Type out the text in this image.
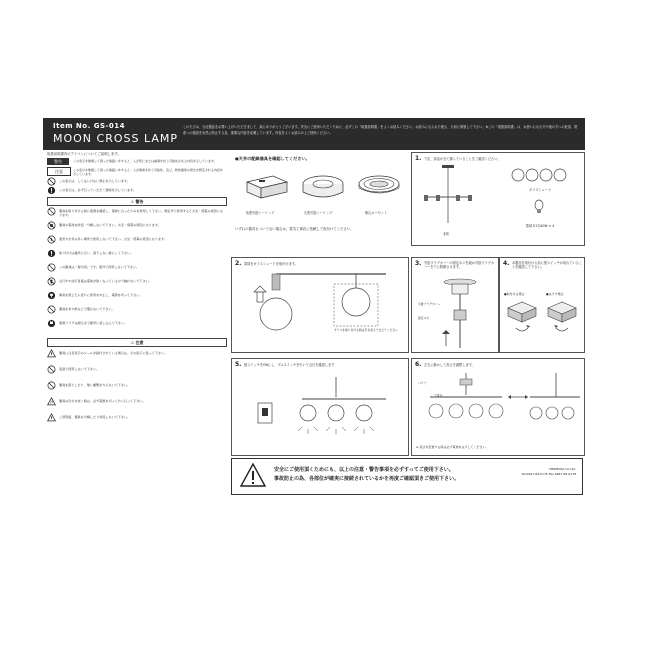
Item No. GS-014
MOON CROSS LAMP
このたびは、当社製品をお買い上げいただきまして、誠にありがとうございます。安全にご使用いただくために、必ずこの「取扱説明書」をよくお読みください。お読みになられた後も、大切に保管して下さい。※この「取扱説明書」は、お使いになる方や他の方への危害、財産への損害を未然に防止する為、重要な内容を記載しています。内容をよくお読みの上ご使用ください。
取扱説明書内のアイコンについてご説明します。
警告	この表示を無視して誤った取扱いをすると、人が死亡または重傷を負う可能性がある内容を示しています。
注意	この表示を無視して誤った取扱いをすると、人が傷害を負う可能性、及び、物的損害の発生が想定される内容を示しています。
この表示は、してはいけない禁止を示しています。
この表示は、必ず行っていただく強制を示しています。
⚠ 警告
器具を取り付ける前に電源を確認し、電源に合ったものを使用して下さい。規定外で使用すると火災・感電の原因になります。
器具や電球を改造・分解しないで下さい。火災・感電の原因になります。
湿気や水気の多い場所で使用しないで下さい。火災・感電の原因になります。
取り付けは確実に行い、落下しない様にして下さい。
この器具は「屋内用」です。屋外で使用しないで下さい。
点灯中や消灯直後は電球が熱くなっているので触れないで下さい。
異常を感じたら直ちに使用を中止し、電源を切って下さい。
器具を布や紙などで覆わないで下さい。
電源プラグは根元まで確実に差し込んで下さい。
⚠ 注意
器具に注意表示のシールが貼付されている場合は、その指示に従って下さい。
高温で使用しないで下さい。
器具を落としたり、強い衝撃を与えないで下さい。
器具の汚れを拭く時は、必ず電源を切ってから行って下さい。
ご使用後、器具を分解したり改造しないで下さい。
●天井の配線器具を確認してください。
角型引掛シーリング	丸型引掛シーリング	埋込ローゼット
いずれの器具もついてない場合は、電気工事店に依頼して取付けてください。
1. 下記、部品が全て揃っていることをご確認ください。
ガラスシェード
本体
電球 E17/40W × 4
2. 電球をガラスシェードを取付けます。
ガラスを取り付ける時は手を添えて支えてください
3. 引掛プラグカバーの固定ネジを緩め引掛プラグカバーを下に移動させます。
引掛プラグカバー
固定ネジ
4. 本製品を取付ける前に壁スイッチが切れていることを確認して下さい。
●取付ける場合	●はずす場合
5. 壁スイッチをONにし、プルスイッチを引いて点灯を確認します	6. 左右に動かして高さを調整します。
パイプ
つまみ
※ 高さを変更する時は必ず電球をはずしてください。
安全にご使用頂くためにも、以上の注意・警告事項を必ずすってご使用下さい。
事故防止の為、各部位が確実に接続されているかを再度ご確認頂きご使用下さい。
HERMOSA Co.Ltd.
Tel.0467-84-0176 Fax.0467-84-0178
